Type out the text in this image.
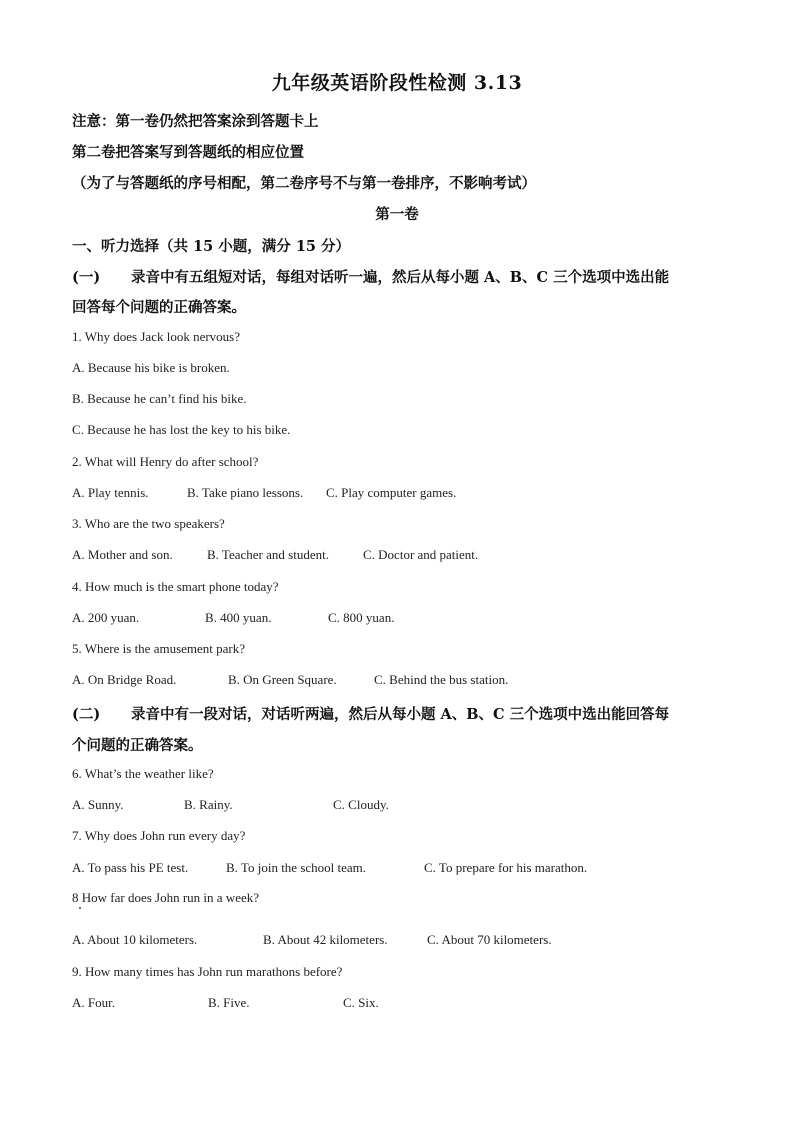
九年级英语阶段性检测 3.13
注意：第一卷仍然把答案涂到答题卡上
第二卷把答案写到答题纸的相应位置
（为了与答题纸的序号相配，第二卷序号不与第一卷排序，不影响考试）
第一卷
一、听力选择（共 15 小题，满分 15 分）
(一) 录音中有五组短对话，每组对话听一遍，然后从每小题 A、B、C 三个选项中选出能
回答每个问题的正确答案。
1. Why does Jack look nervous?
A. Because his bike is broken.
B. Because he can’t find his bike.
C. Because he has lost the key to his bike.
2. What will Henry do after school?
A. Play tennis.	B. Take piano lessons. C. Play computer games.
3. Who are the two speakers?
A. Mother and son.	B. Teacher and student.	C. Doctor and patient.
4. How much is the smart phone today?
A. 200 yuan.	B. 400 yuan.	C. 800 yuan.
5. Where is the amusement park?
A. On Bridge Road.	B. On Green Square.	C. Behind the bus station.
(二) 录音中有一段对话，对话听两遍，然后从每小题 A、B、C 三个选项中选出能回答每
个问题的正确答案。
6. What’s the weather like?
A. Sunny.	B. Rainy.	C. Cloudy.
7. Why does John run every day?
A. To pass his PE test.	B. To join the school team.	C. To prepare for his marathon.
8 How far does John run in a week?
A. About 10 kilometers.	B. About 42 kilometers.	C. About 70 kilometers.
9. How many times has John run marathons before?
A. Four.	B. Five.	C. Six.
